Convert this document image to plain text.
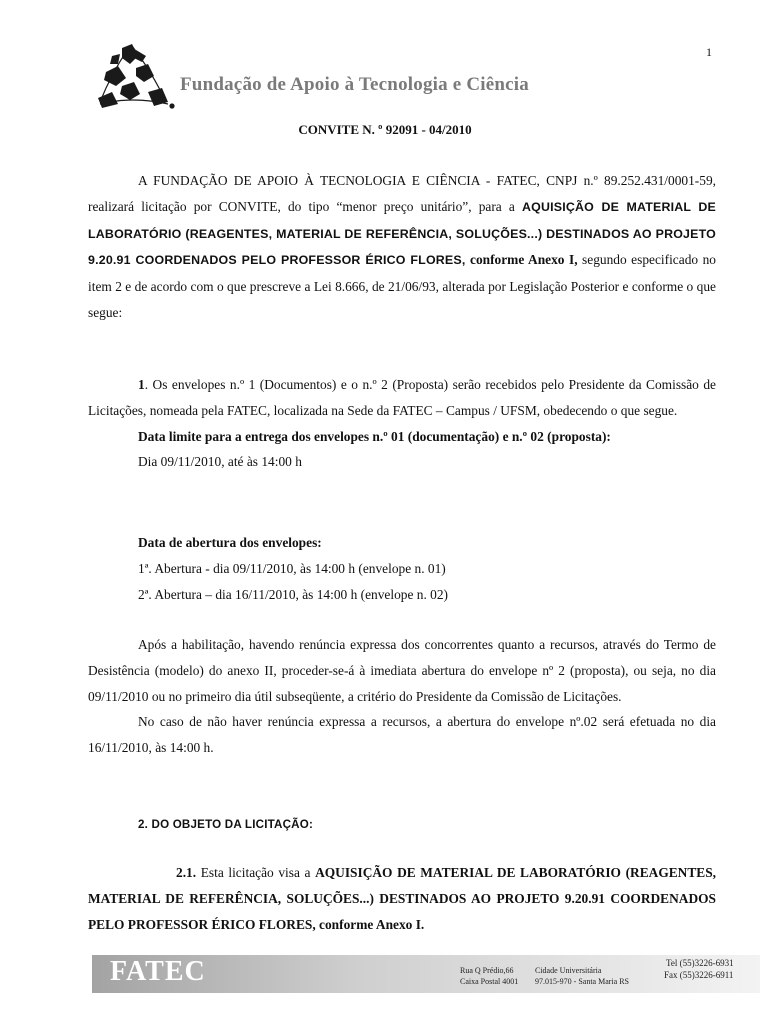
1
Fundação de Apoio à Tecnologia e Ciência
CONVITE N. º 92091 - 04/2010

A FUNDAÇÃO DE APOIO À TECNOLOGIA E CIÊNCIA - FATEC, CNPJ n.º 89.252.431/0001-59, realizará licitação por CONVITE, do tipo “menor preço unitário”, para a AQUISIÇÃO DE MATERIAL DE LABORATÓRIO (REAGENTES, MATERIAL DE REFERÊNCIA, SOLUÇÕES...) DESTINADOS AO PROJETO 9.20.91 COORDENADOS PELO PROFESSOR ÉRICO FLORES, conforme Anexo I, segundo especificado no item 2 e de acordo com o que prescreve a Lei 8.666, de 21/06/93, alterada por Legislação Posterior e conforme o que segue:

1. Os envelopes n.º 1 (Documentos) e o n.º 2 (Proposta) serão recebidos pelo Presidente da Comissão de Licitações, nomeada pela FATEC, localizada na Sede da FATEC – Campus / UFSM, obedecendo o que segue.

Data limite para a entrega dos envelopes n.º 01 (documentação) e n.º 02 (proposta):

Dia 09/11/2010, até às 14:00 h

Data de abertura dos envelopes:

1ª. Abertura - dia 09/11/2010, às 14:00 h (envelope n. 01)

2ª. Abertura – dia 16/11/2010, às 14:00 h (envelope n. 02)

Após a habilitação, havendo renúncia expressa dos concorrentes quanto a recursos, através do Termo de Desistência (modelo) do anexo II, proceder-se-á à imediata abertura do envelope nº 2 (proposta), ou seja, no dia 09/11/2010 ou no primeiro dia útil subseqüente, a critério do Presidente da Comissão de Licitações.

No caso de não haver renúncia expressa a recursos, a abertura do envelope nº.02 será efetuada no dia 16/11/2010, às 14:00 h.

2. DO OBJETO DA LICITAÇÃO:

2.1. Esta licitação visa a AQUISIÇÃO DE MATERIAL DE LABORATÓRIO (REAGENTES, MATERIAL DE REFERÊNCIA, SOLUÇÕES...) DESTINADOS AO PROJETO 9.20.91 COORDENADOS PELO PROFESSOR ÉRICO FLORES, conforme Anexo I.

FATEC	Rua Q Prédio,66
Caixa Postal 4001
Cidade Universitária
97.015-970 - Santa Maria RS
Tel (55)3226-6931
Fax (55)3226-6911
